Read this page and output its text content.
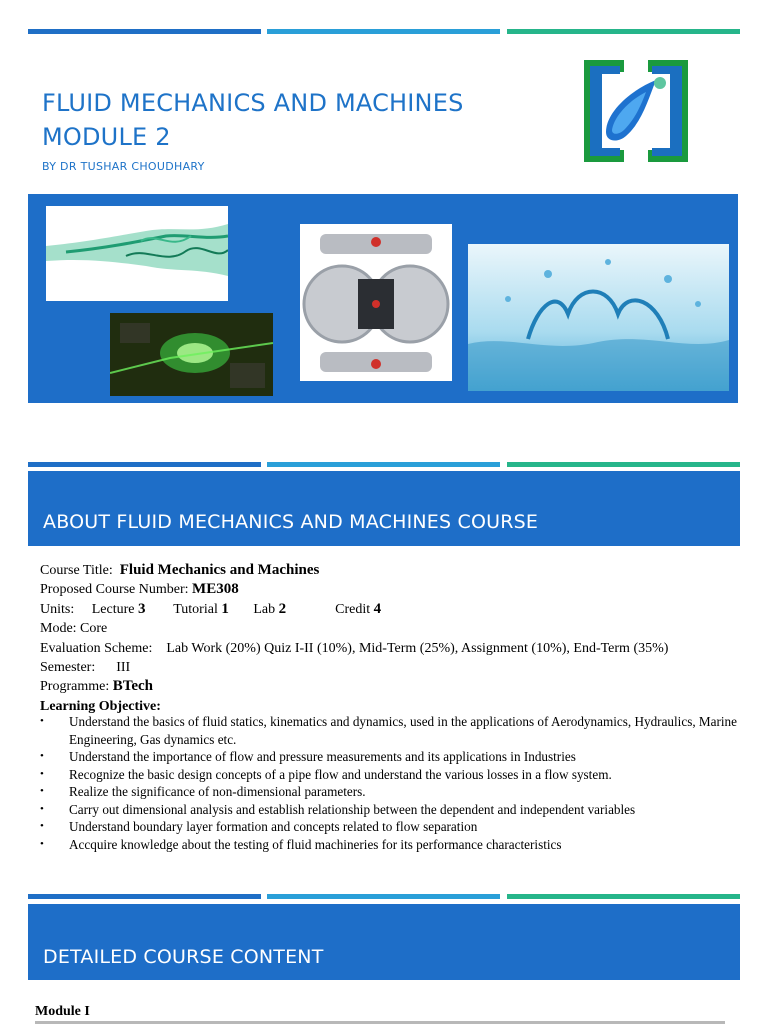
FLUID MECHANICS AND MACHINES
MODULE 2
BY DR TUSHAR CHOUDHARY
ABOUT FLUID MECHANICS AND MACHINES COURSE
Course Title: Fluid Mechanics and Machines
Proposed Course Number: ME308
Units: Lecture 3 Tutorial 1 Lab 2	Credit 4
Mode: Core
Evaluation Scheme:    Lab Work (20%) Quiz I-II (10%), Mid-Term (25%), Assignment (10%), End-Term (35%)
Semester:      III
Programme: BTech
Learning Objective:
• Understand the basics of fluid statics, kinematics and dynamics, used in the applications of Aerodynamics, Hydraulics, Marine Engineering, Gas dynamics etc.
• Understand the importance of flow and pressure measurements and its applications in Industries
• Recognize the basic design concepts of a pipe flow and understand the various losses in a flow system.
• Realize the significance of non-dimensional parameters.
• Carry out dimensional analysis and establish relationship between the dependent and independent variables
• Understand boundary layer formation and concepts related to flow separation
• Accquire knowledge about the testing of fluid machineries for its performance characteristics
DETAILED COURSE CONTENT
Module I
